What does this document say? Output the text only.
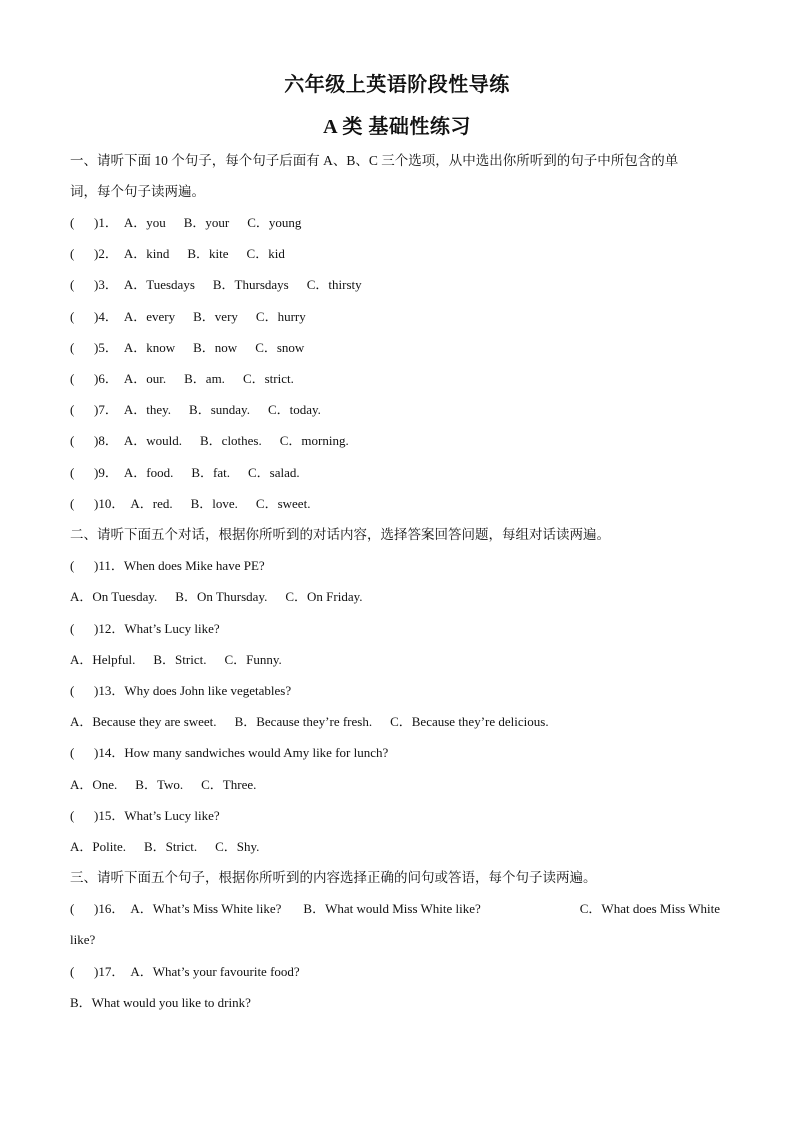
六年级上英语阶段性导练
A 类 基础性练习
一、请听下面 10 个句子，每个句子后面有 A、B、C 三个选项，从中选出你所听到的句子中所包含的单
词，每个句子读两遍。
( )1． A．you B．your C．young
( )2． A．kind B．kite C．kid
( )3． A．Tuesdays B．Thursdays C．thirsty
( )4． A．every B．very C．hurry
( )5． A．know B．now C．snow
( )6． A．our. B．am. C．strict.
( )7． A．they. B．sunday. C．today.
( )8． A．would. B．clothes. C．morning.
( )9． A．food. B．fat. C．salad.
( )10． A．red. B．love. C．sweet.
二、请听下面五个对话，根据你所听到的对话内容，选择答案回答问题，每组对话读两遍。
( )11．When does Mike have PE?
A．On Tuesday. B．On Thursday. C．On Friday.
( )12．What’s Lucy like?
A．Helpful. B．Strict. C．Funny.
( )13．Why does John like vegetables?
A．Because they are sweet. B．Because they’re fresh. C．Because they’re delicious.
( )14．How many sandwiches would Amy like for lunch?
A．One. B．Two. C．Three.
( )15．What’s Lucy like?
A．Polite. B．Strict. C．Shy.
三、请听下面五个句子，根据你所听到的内容选择正确的问句或答语，每个句子读两遍。
( )16． A．What’s Miss White like? B．What would Miss White like?	C．What does Miss White
like?
( )17． A．What’s your favourite food?
B．What would you like to drink?
